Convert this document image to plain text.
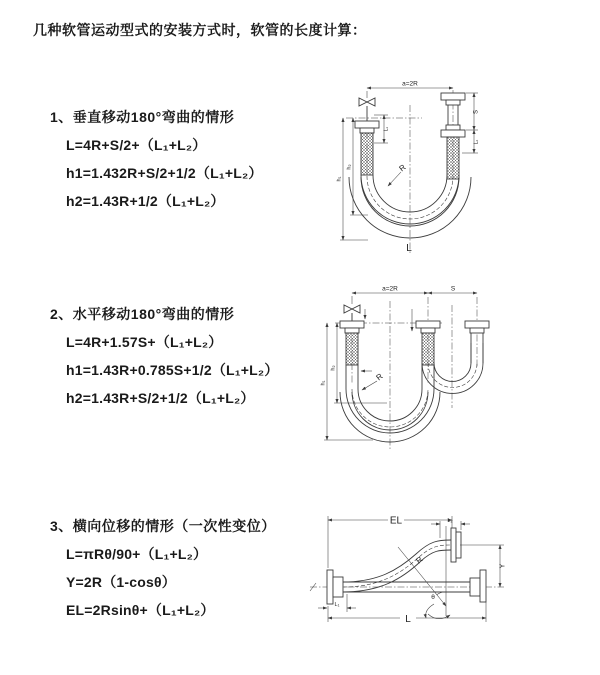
几种软管运动型式的安装方式时，软管的长度计算：
1、垂直移动180°弯曲的情形
L=4R+S/2+（L₁+L₂）
h1=1.432R+S/2+1/2（L₁+L₂）
h2=1.43R+1/2（L₁+L₂）
a=2R
h₁
h₂
L₁
S
L₂
R
L
2、水平移动180°弯曲的情形
L=4R+1.57S+（L₁+L₂）
h1=1.43R+0.785S+1/2（L₁+L₂）
h2=1.43R+S/2+1/2（L₁+L₂）
a=2R	S
h₁
h₂
R
3、横向位移的情形（一次性变位）
L=πRθ/90+（L₁+L₂）
Y=2R（1-cosθ）
EL=2Rsinθ+（L₁+L₂）
EL	L₂
Y
R
θ
L
L₁
